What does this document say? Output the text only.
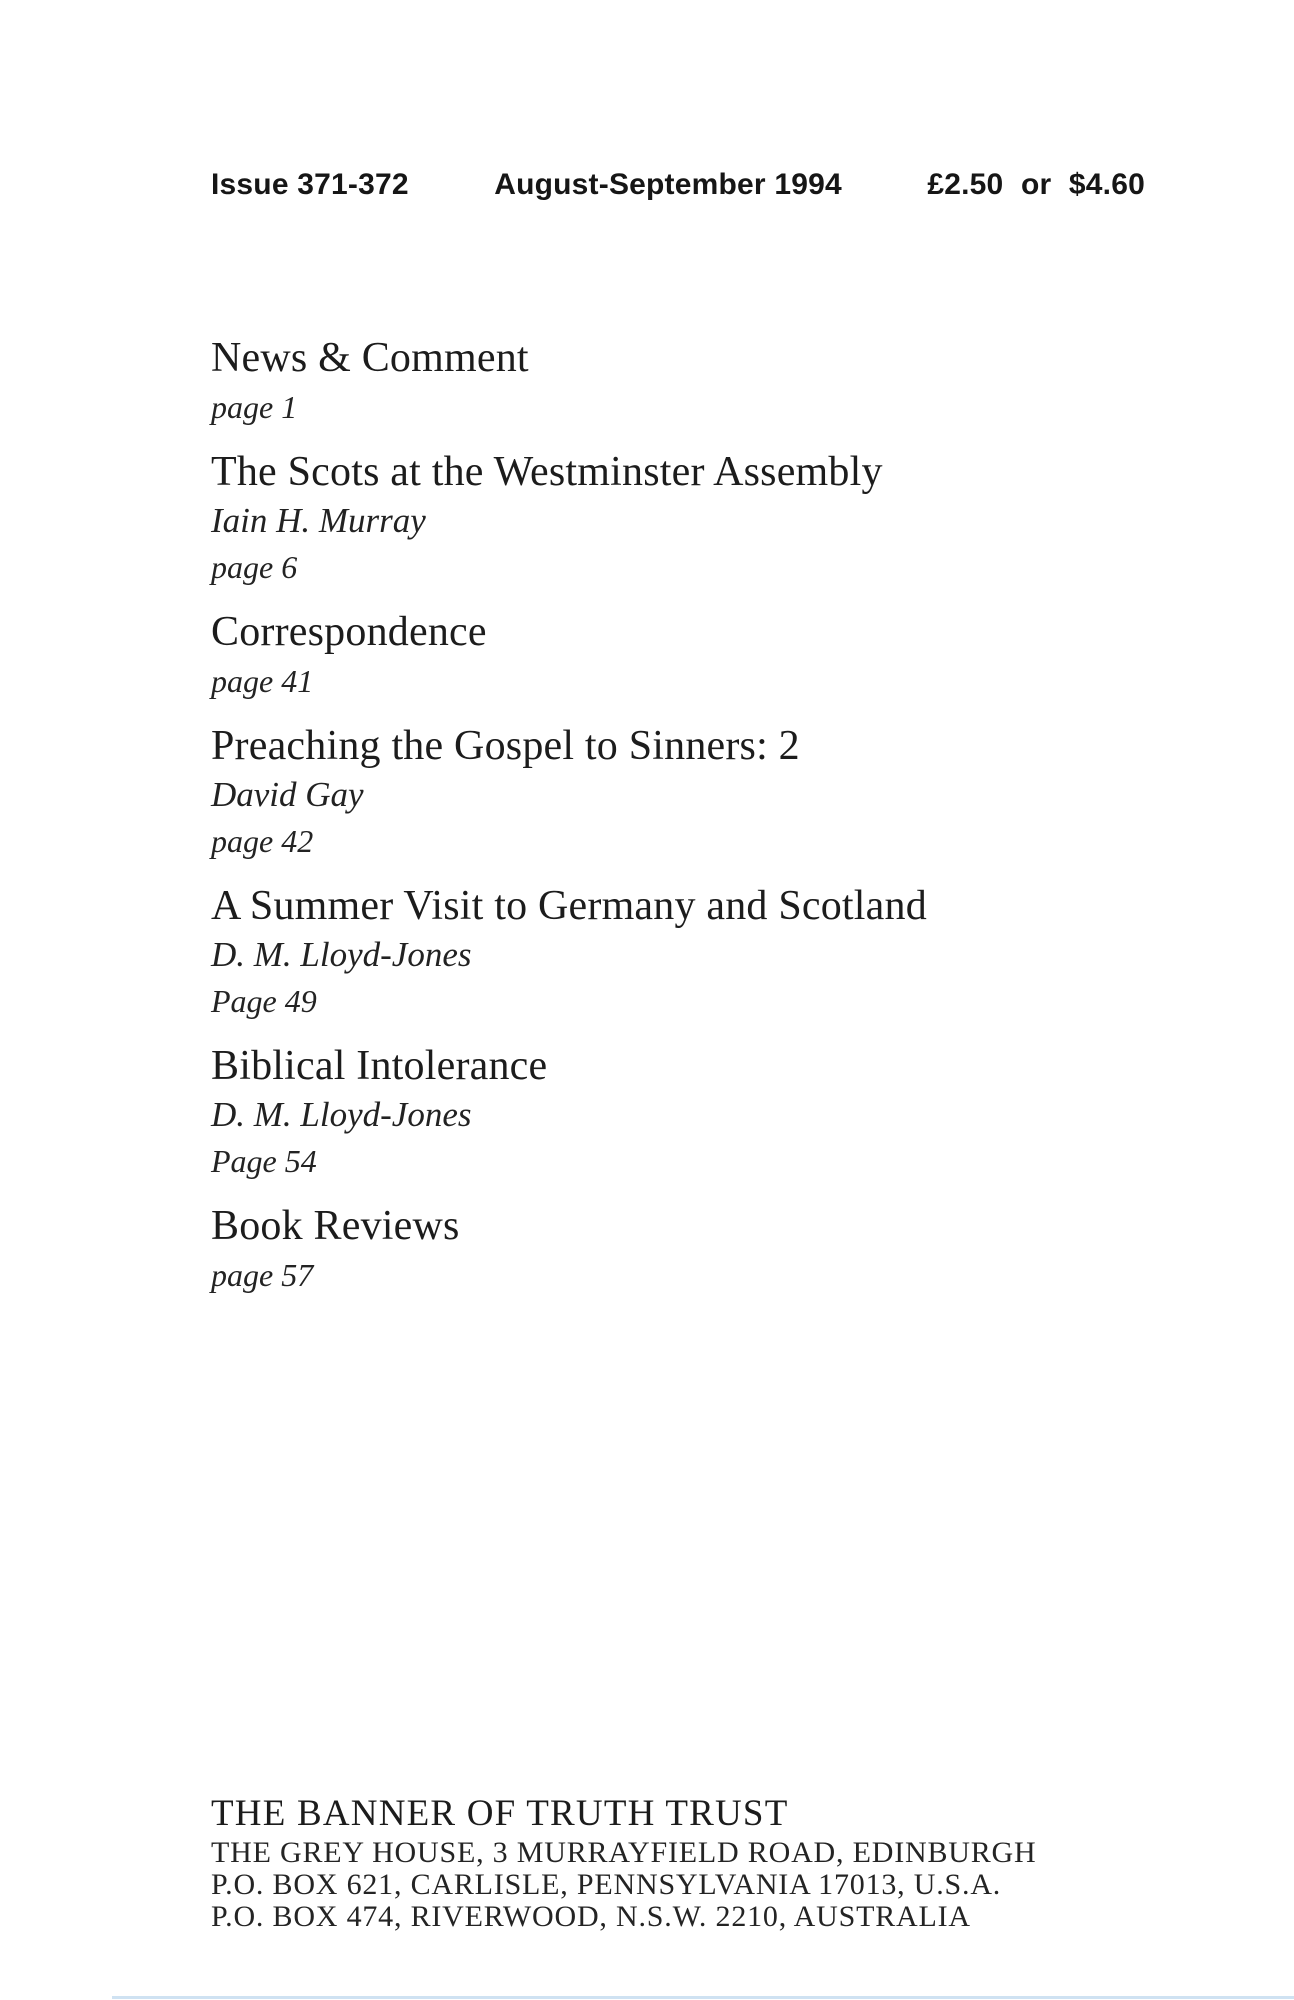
Issue 371-372	August-September 1994	£2.50 or $4.60
News & Comment
page 1
The Scots at the Westminster Assembly
Iain H. Murray
page 6
Correspondence
page 41
Preaching the Gospel to Sinners: 2
David Gay
page 42
A Summer Visit to Germany and Scotland
D. M. Lloyd-Jones
Page 49
Biblical Intolerance
D. M. Lloyd-Jones
Page 54
Book Reviews
page 57
THE BANNER OF TRUTH TRUST
THE GREY HOUSE, 3 MURRAYFIELD ROAD, EDINBURGH
P.O. BOX 621, CARLISLE, PENNSYLVANIA 17013, U.S.A.
P.O. BOX 474, RIVERWOOD, N.S.W. 2210, AUSTRALIA
